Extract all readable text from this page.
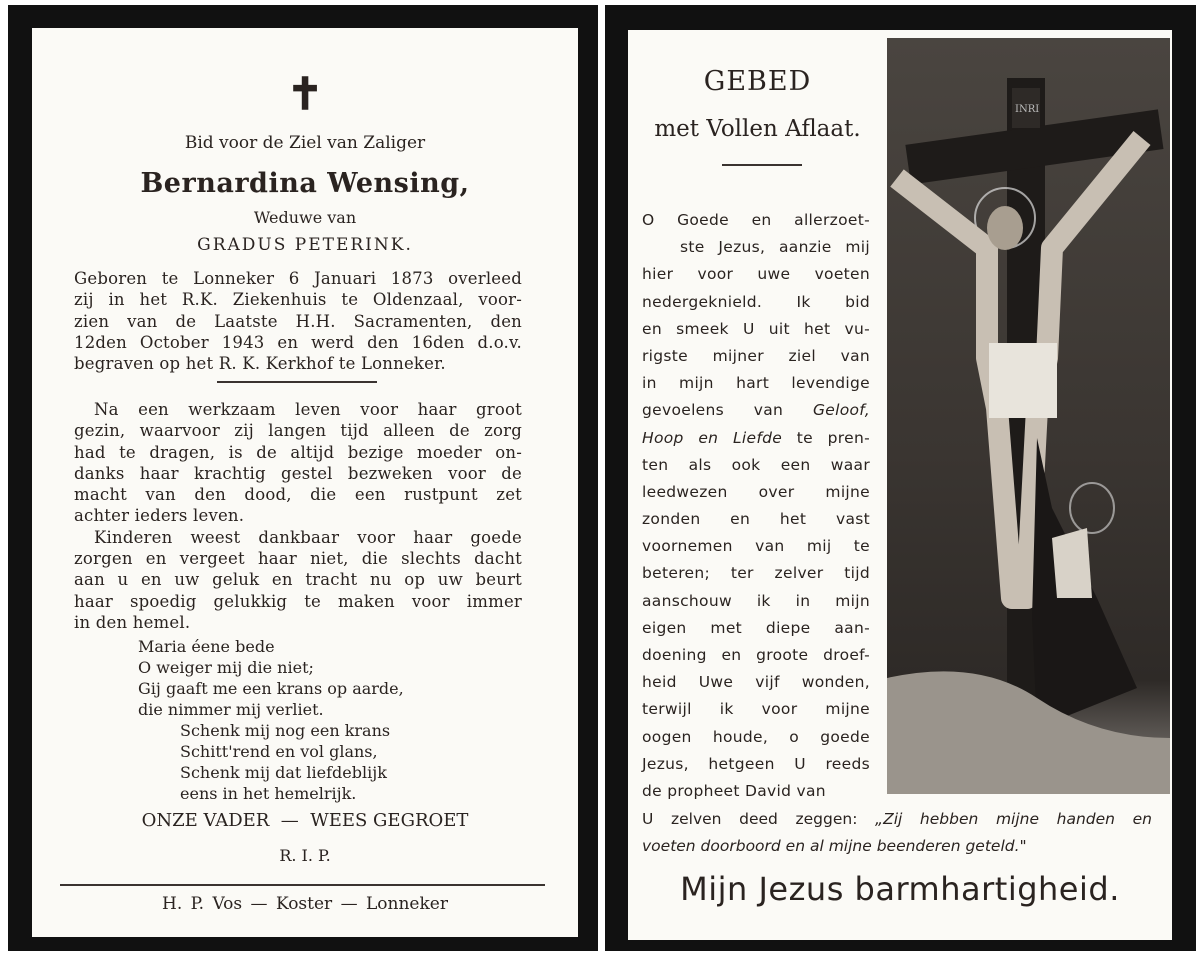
✝
Bid voor de Ziel van Zaliger
Bernardina Wensing,
Weduwe van
GRADUS PETERINK.
ONZE VADER  —  WEES GEGROET
R. I. P.
H. P. Vos — Koster — Lonneker
Geboren te Lonneker 6 Januari 1873 overleed
zij in het R.K. Ziekenhuis te Oldenzaal, voor-
zien van de Laatste H.H. Sacramenten, den
12den October 1943 en werd den 16den d.o.v.
begraven op het R. K. Kerkhof te Lonneker.
Na een werkzaam leven voor haar groot
gezin, waarvoor zij langen tijd alleen de zorg
had te dragen, is de altijd bezige moeder on-
danks haar krachtig gestel bezweken voor de
macht van den dood, die een rustpunt zet
achter ieders leven.
Kinderen weest dankbaar voor haar goede
zorgen en vergeet haar niet, die slechts dacht
aan u en uw geluk en tracht nu op uw beurt
haar spoedig gelukkig te maken voor immer
in den hemel.
Maria éene bede
O weiger mij die niet;
Gij gaaft me een krans op aarde,
die nimmer mij verliet.
Schenk mij nog een krans
Schitt'rend en vol glans,
Schenk mij dat liefdeblijk
eens in het hemelrijk.
GEBED
met Vollen Aflaat.
O Goede en allerzoet-
ste Jezus, aanzie mij
hier voor uwe voeten
nedergeknield. Ik bid
en smeek U uit het vu-
rigste mijner ziel van
in mijn hart levendige
gevoelens van Geloof,
Hoop en Liefde te pren-
ten als ook een waar
leedwezen over mijne
zonden en het vast
voornemen van mij te
beteren; ter zelver tijd
aanschouw ik in mijn
eigen met diepe aan-
doening en groote droef-
heid Uwe vijf wonden,
terwijl ik voor mijne
oogen houde, o goede
Jezus, hetgeen U reeds
de propheet David van
U zelven deed zeggen: „Zij hebben mijne handen en
voeten doorboord en al mijne beenderen geteld."
Mijn Jezus barmhartigheid.
INRI
